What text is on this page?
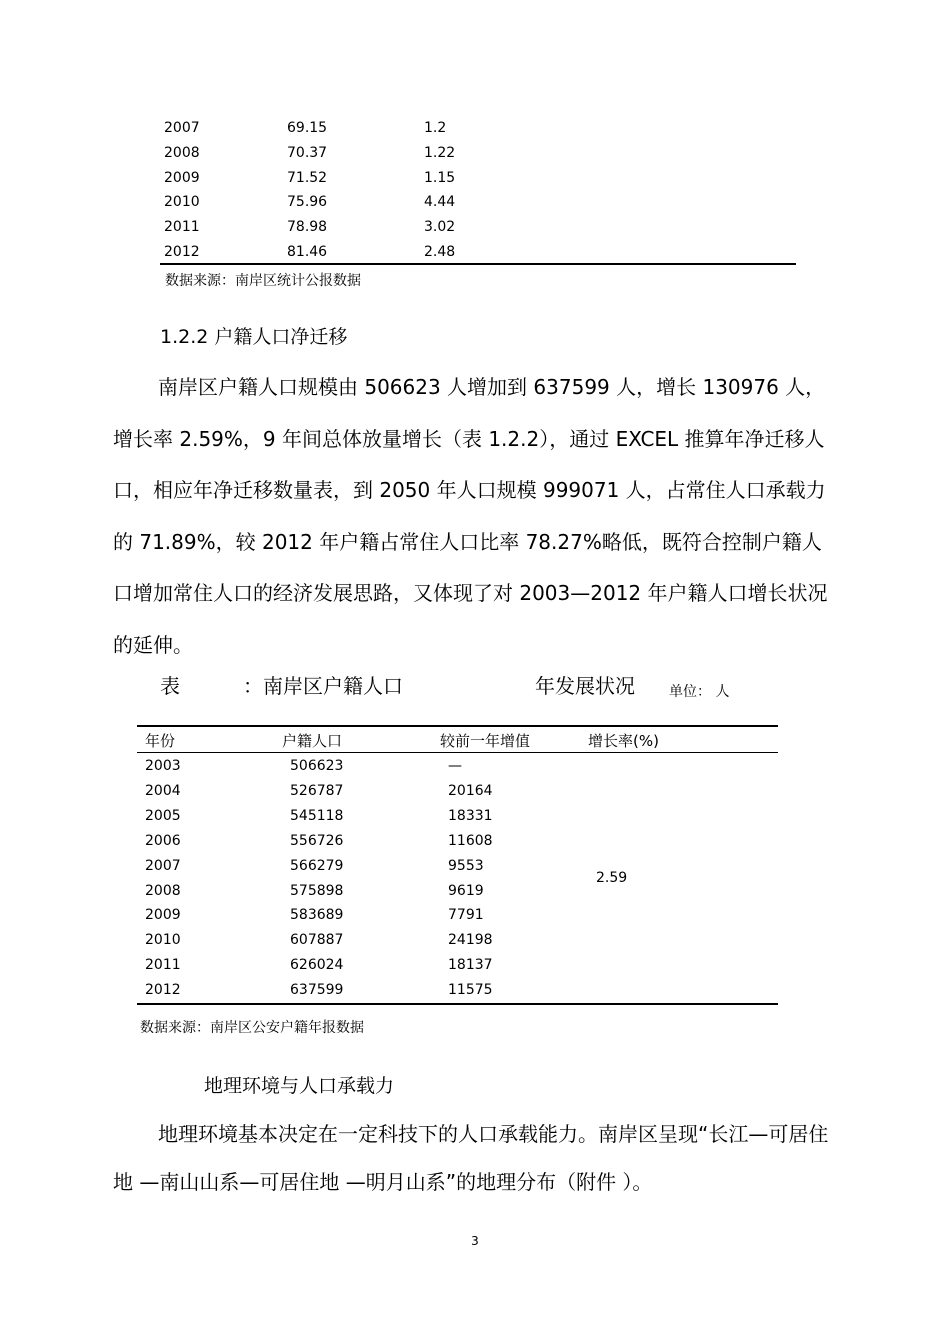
2007	69.15	1.2
2008	70.37	1.22
2009	71.52	1.15
2010	75.96	4.44
2011	78.98	3.02
2012	81.46	2.48
数据来源：南岸区统计公报数据
1.2.2 户籍人口净迁移
南岸区户籍人口规模由 506623 人增加到 637599 人，增长 130976 人，增长率 2.59%，9 年间总体放量增长（表 1.2.2），通过 EXCEL 推算年净迁移人口，相应年净迁移数量表，到 2050 年人口规模 999071 人，占常住人口承载力的 71.89%，较 2012 年户籍占常住人口比率 78.27%略低，既符合控制户籍人口增加常住人口的经济发展思路，又体现了对 2003—2012 年户籍人口增长状况的延伸。
表	：南岸区户籍人口	年发展状况 单位： 人
年份	户籍人口	较前一年增值	增长率(%)
2003	506623	—	2.59
2004	526787	20164	
2005	545118	18331	
2006	556726	11608	
2007	566279	9553	
2008	575898	9619	
2009	583689	7791	
2010	607887	24198	
2011	626024	18137	
2012	637599	11575	
数据来源：南岸区公安户籍年报数据
地理环境与人口承载力
地理环境基本决定在一定科技下的人口承载能力。南岸区呈现“长江—可居住地 —南山山系—可居住地 —明月山系”的地理分布（附件 ）。
3
